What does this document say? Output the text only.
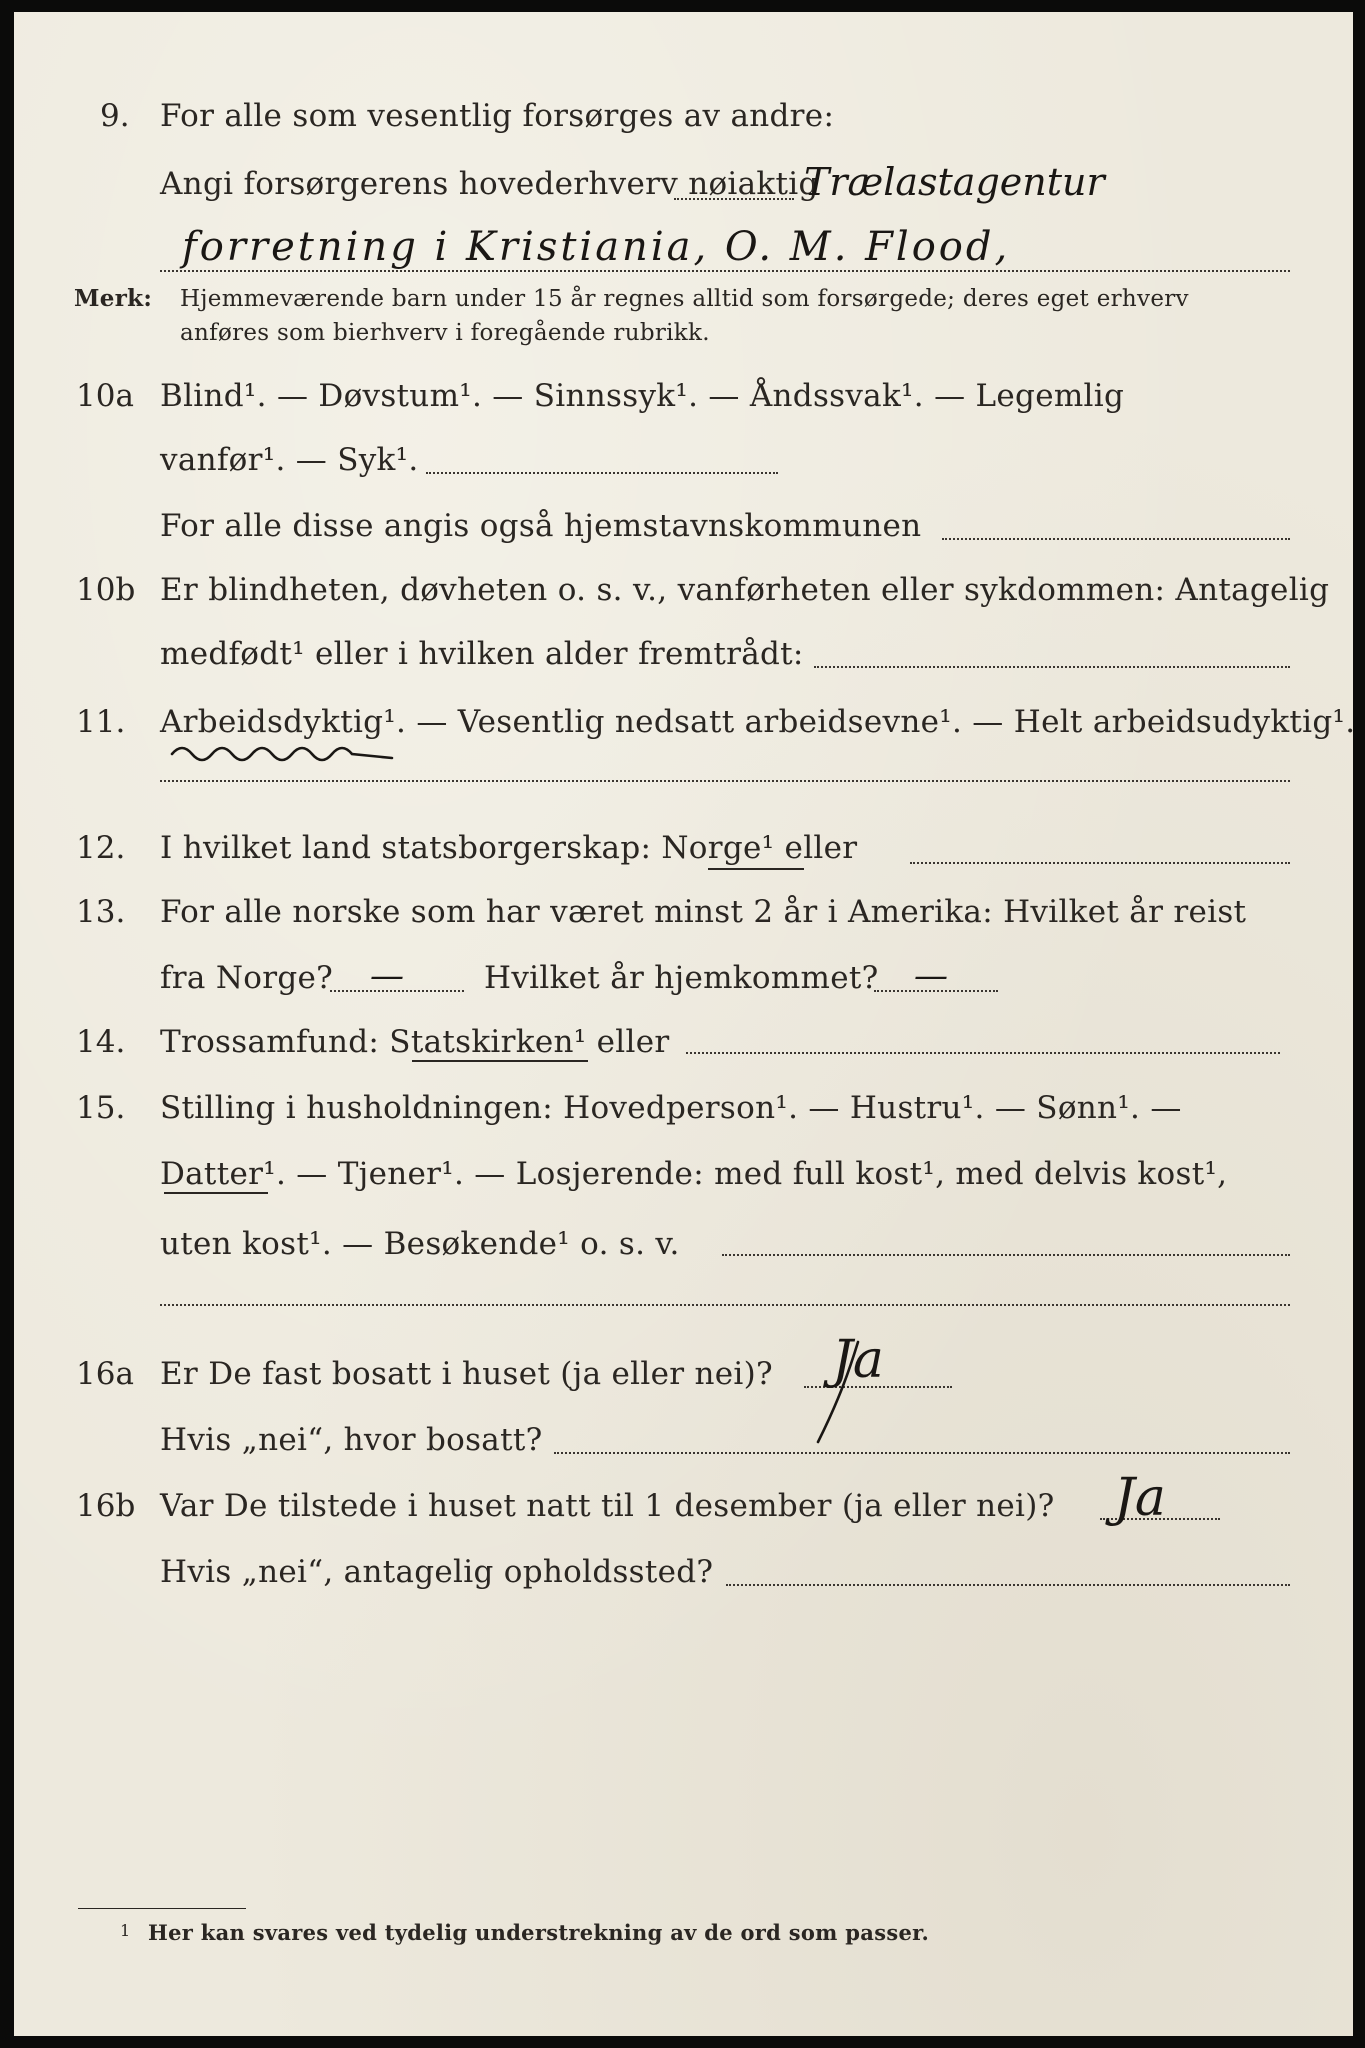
9. For alle som vesentlig forsørges av andre:
Angi forsørgerens hovederhverv nøiaktig
Trælastagentur
forretning i Kristiania, O. M. Flood,
Merk: Hjemmeværende barn under 15 år regnes alltid som forsørgede; deres eget erhverv
anføres som bierhverv i foregående rubrikk.
10a Blind¹. — Døvstum¹. — Sinnssyk¹. — Åndssvak¹. — Legemlig
vanfør¹. — Syk¹.
For alle disse angis også hjemstavnskommunen
10b Er blindheten, døvheten o. s. v., vanførheten eller sykdommen: Antagelig
medfødt¹ eller i hvilken alder fremtrådt:
11. Arbeidsdyktig¹. — Vesentlig nedsatt arbeidsevne¹. — Helt arbeidsudyktig¹.
12. I hvilket land statsborgerskap: Norge¹ eller
13. For alle norske som har været minst 2 år i Amerika: Hvilket år reist
fra Norge? —	Hvilket år hjemkommet? —
14. Trossamfund: Statskirken¹ eller
15. Stilling i husholdningen: Hovedperson¹. — Hustru¹. — Sønn¹. —
Datter¹. — Tjener¹. — Losjerende: med full kost¹, med delvis kost¹,
uten kost¹. — Besøkende¹ o. s. v.
16a Er De fast bosatt i huset (ja eller nei)? Ja
Hvis „nei“, hvor bosatt?
16b Var De tilstede i huset natt til 1 desember (ja eller nei)? Ja
Hvis „nei“, antagelig opholdssted?
1 Her kan svares ved tydelig understrekning av de ord som passer.
